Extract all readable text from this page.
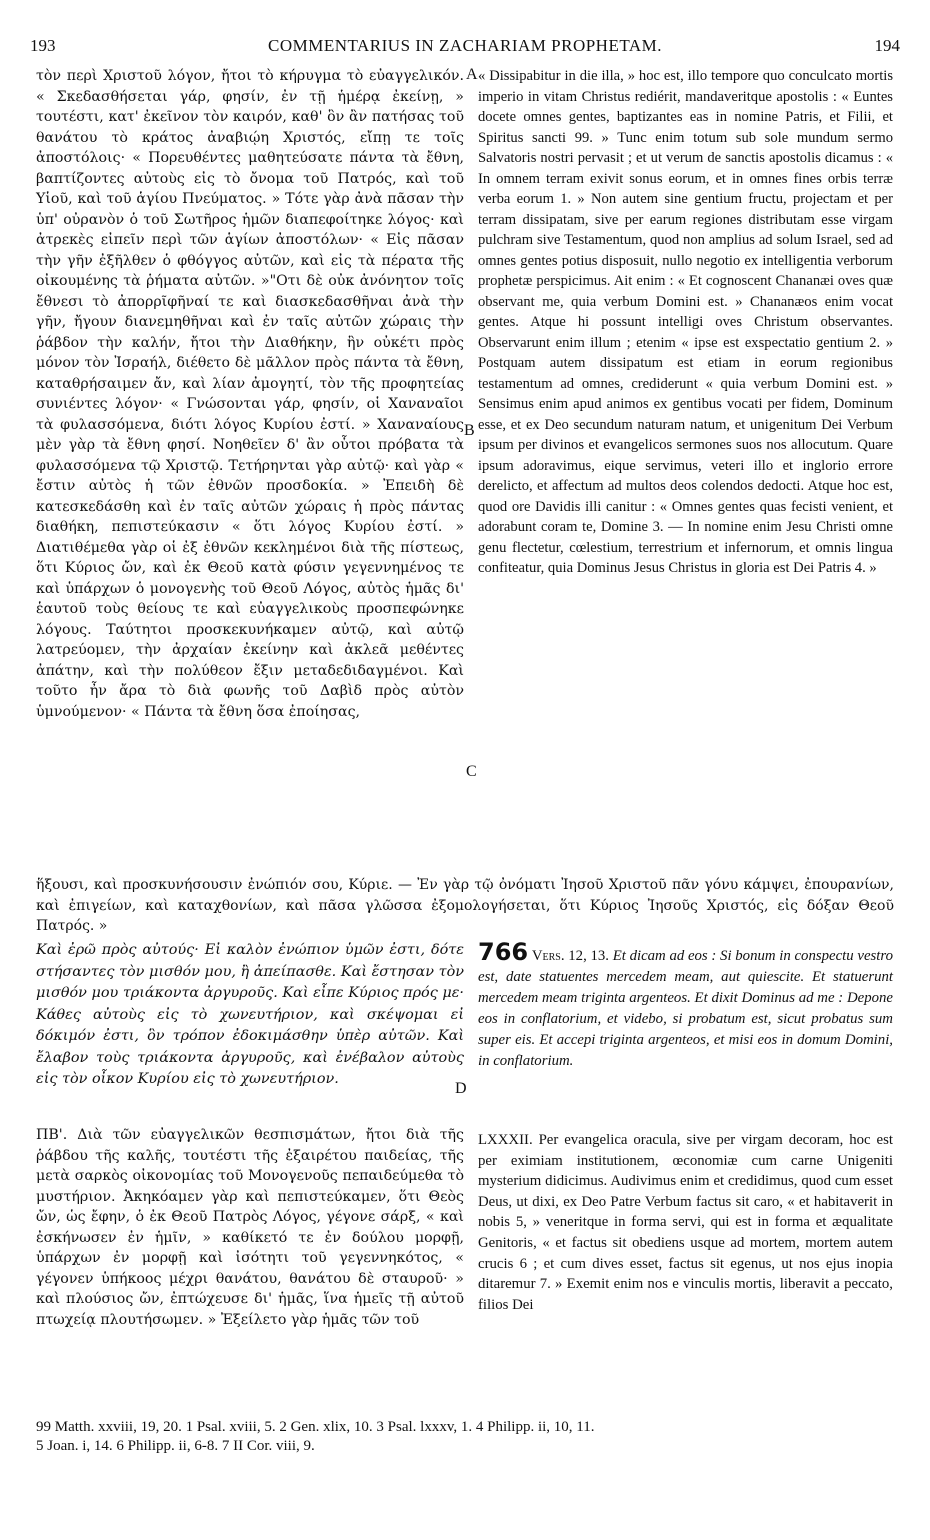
193	COMMENTARIUS IN ZACHARIAM PROPHETAM.	194
τὸν περὶ Χριστοῦ λόγον, ἤτοι τὸ κήρυγμα τὸ εὐαγγελικόν. « Σκεδασθήσεται γάρ, φησίν, ἐν τῇ ἡμέρᾳ ἐκείνῃ, » τουτέστι, κατ' ἐκεῖνον τὸν καιρόν, καθ' ὃν ἂν πατήσας τοῦ θανάτου τὸ κράτος ἀναβιῴη Χριστός, εἴπῃ τε τοῖς ἀποστόλοις· « Πορευθέντες μαθητεύσατε πάντα τὰ ἔθνη, βαπτίζοντες αὐτοὺς εἰς τὸ ὄνομα τοῦ Πατρός, καὶ τοῦ Υἱοῦ, καὶ τοῦ ἁγίου Πνεύματος. » Τότε γὰρ ἀνὰ πᾶσαν τὴν ὑπ' οὐρανὸν ὁ τοῦ Σωτῆρος ἡμῶν διαπεφοίτηκε λόγος· καὶ ἀτρεκὲς εἰπεῖν περὶ τῶν ἁγίων ἀποστόλων· « Εἰς πᾶσαν τὴν γῆν ἐξῆλθεν ὁ φθόγγος αὐτῶν, καὶ εἰς τὰ πέρατα τῆς οἰκουμένης τὰ ῥήματα αὐτῶν. »"Οτι δὲ οὐκ ἀνόνητον τοῖς ἔθνεσι τὸ ἀπορρῖφῆναί τε καὶ διασκεδασθῆναι ἀνὰ τὴν γῆν, ἤγουν διανεμηθῆναι καὶ ἐν ταῖς αὐτῶν χώραις τὴν ῥάβδον τὴν καλήν, ἤτοι τὴν Διαθήκην, ἣν οὐκέτι πρὸς μόνον τὸν Ἰσραήλ, διέθετο δὲ μᾶλλον πρὸς πάντα τὰ ἔθνη, καταθρήσαιμεν ἄν, καὶ λίαν ἀμογητί, τὸν τῆς προφητείας συνιέντες λόγον· « Γνώσονται γάρ, φησίν, οἱ Χαναναῖοι τὰ φυλασσόμενα, διότι λόγος Κυρίου ἐστί. » Χαναναίους μὲν γὰρ τὰ ἔθνη φησί. Νοηθεῖεν δ' ἂν οὗτοι πρόβατα τὰ φυλασσόμενα τῷ Χριστῷ. Τετήρηνται γὰρ αὐτῷ· καὶ γὰρ « ἔστιν αὐτὸς ἡ τῶν ἐθνῶν προσδοκία. » Ἐπειδὴ δὲ κατεσκεδάσθη καὶ ἐν ταῖς αὐτῶν χώραις ἡ πρὸς πάντας διαθήκη, πεπιστεύκασιν « ὅτι λόγος Κυρίου ἐστί. » Διατιθέμεθα γὰρ οἱ ἐξ ἐθνῶν κεκλημένοι διὰ τῆς πίστεως, ὅτι Κύριος ὤν, καὶ ἐκ Θεοῦ κατὰ φύσιν γεγεννημένος τε καὶ ὑπάρχων ὁ μονογενὴς τοῦ Θεοῦ Λόγος, αὐτὸς ἡμᾶς δι' ἑαυτοῦ τοὺς θείους τε καὶ εὐαγγελικοὺς προσπεφώνηκε λόγους. Ταύτητοι προσκεκυνήκαμεν αὐτῷ, καὶ αὐτῷ λατρεύομεν, τὴν ἀρχαίαν ἐκείνην καὶ ἀκλεᾶ μεθέντες ἀπάτην, καὶ τὴν πολύθεον ἔξιν μεταδεδιδαγμένοι. Καὶ τοῦτο ἦν ἄρα τὸ διὰ φωνῆς τοῦ Δαβὶδ πρὸς αὐτὸν ὑμνούμενον· « Πάντα τὰ ἔθνη ὅσα ἐποίησας,
« Dissipabitur in die illa, » hoc est, illo tempore quo conculcato mortis imperio in vitam Christus rediérit, mandaveritque apostolis : « Euntes docete omnes gentes, baptizantes eas in nomine Patris, et Filii, et Spiritus sancti 99. » Tunc enim totum sub sole mundum sermo Salvatoris nostri pervasit ; et ut verum de sanctis apostolis dicamus : « In omnem terram exivit sonus eorum, et in omnes fines orbis terræ verba eorum 1. » Non autem sine gentium fructu, projectam et per terram dissipatam, sive per earum regiones distributam esse virgam pulchram sive Testamentum, quod non amplius ad solum Israel, sed ad omnes gentes potius disposuit, nullo negotio ex intelligentia verborum prophetæ perspicimus. Ait enim : « Et cognoscent Chananæi oves quæ observant me, quia verbum Domini est. » Chananæos enim vocat gentes. Atque hi possunt intelligi oves Christum observantes. Observarunt enim illum ; etenim « ipse est exspectatio gentium 2. » Postquam autem dissipatum est etiam in eorum regionibus testamentum ad omnes, crediderunt « quia verbum Domini est. » Sensimus enim apud animos ex gentibus vocati per fidem, Dominum esse, et ex Deo secundum naturam natum, et unigenitum Dei Verbum ipsum per divinos et evangelicos sermones suos nos allocutum. Quare ipsum adoravimus, eique servimus, veteri illo et inglorio errore derelicto, et affectum ad multos deos colendos dedocti. Atque hoc est, quod ore Davidis illi canitur : « Omnes gentes quas fecisti venient, et adorabunt coram te, Domine 3. — In nomine enim Jesu Christi omne genu flectetur, cœlestium, terrestrium et infernorum, et omnis lingua confiteatur, quia Dominus Jesus Christus in gloria est Dei Patris 4. »
A
B
C
D
ἥξουσι, καὶ προσκυνήσουσιν ἐνώπιόν σου, Κύριε. — Ἐν γὰρ τῷ ὀνόματι Ἰησοῦ Χριστοῦ πᾶν γόνυ κάμψει, ἐπουρανίων, καὶ ἐπιγείων, καὶ καταχθονίων, καὶ πᾶσα γλῶσσα ἐξομολογήσεται, ὅτι Κύριος Ἰησοῦς Χριστός, εἰς δόξαν Θεοῦ Πατρός. »
Καὶ ἐρῶ πρὸς αὐτούς· Εἰ καλὸν ἐνώπιον ὑμῶν ἐστι, δότε στήσαντες τὸν μισθόν μου, ἢ ἀπείπασθε. Καὶ ἔστησαν τὸν μισθόν μου τριάκοντα ἀργυροῦς. Καὶ εἶπε Κύριος πρός με· Κάθες αὐτοὺς εἰς τὸ χωνευτήριον, καὶ σκέψομαι εἰ δόκιμόν ἐστι, ὃν τρόπον ἐδοκιμάσθην ὑπὲρ αὐτῶν. Καὶ ἔλαβον τοὺς τριάκοντα ἀργυροῦς, καὶ ἐνέβαλον αὐτοὺς εἰς τὸν οἶκον Κυρίου εἰς τὸ χωνευτήριον.
766 Vers. 12, 13. Et dicam ad eos : Si bonum in conspectu vestro est, date statuentes mercedem meam, aut quiescite. Et statuerunt mercedem meam triginta argenteos. Et dixit Dominus ad me : Depone eos in conflatorium, et videbo, si probatum est, sicut probatus sum super eis. Et accepi triginta argenteos, et misi eos in domum Domini, in conflatorium.
ΠΒ'. Διὰ τῶν εὐαγγελικῶν θεσπισμάτων, ἤτοι διὰ τῆς ῥάβδου τῆς καλῆς, τουτέστι τῆς ἐξαιρέτου παιδείας, τῆς μετὰ σαρκὸς οἰκονομίας τοῦ Μονογενοῦς πεπαιδεύμεθα τὸ μυστήριον. Ἀκηκόαμεν γὰρ καὶ πεπιστεύκαμεν, ὅτι Θεὸς ὤν, ὡς ἔφην, ὁ ἐκ Θεοῦ Πατρὸς Λόγος, γέγονε σάρξ, « καὶ ἐσκήνωσεν ἐν ἡμῖν, » καθίκετό τε ἐν δούλου μορφῇ, ὑπάρχων ἐν μορφῇ καὶ ἰσότητι τοῦ γεγεννηκότος, « γέγονεν ὑπήκοος μέχρι θανάτου, θανάτου δὲ σταυροῦ· » καὶ πλούσιος ὤν, ἐπτώχευσε δι' ἡμᾶς, ἵνα ἡμεῖς τῇ αὐτοῦ πτωχείᾳ πλουτήσωμεν. » Ἐξείλετο γὰρ ἡμᾶς τῶν τοῦ
LXXXII. Per evangelica oracula, sive per virgam decoram, hoc est per eximiam institutionem, œconomiæ cum carne Unigeniti mysterium didicimus. Audivimus enim et credidimus, quod cum esset Deus, ut dixi, ex Deo Patre Verbum factus sit caro, « et habitaverit in nobis 5, » veneritque in forma servi, qui est in forma et æqualitate Genitoris, « et factus sit obediens usque ad mortem, mortem autem crucis 6 ; et cum dives esset, factus sit egenus, ut nos ejus inopia ditaremur 7. » Exemit enim nos e vinculis mortis, liberavit a peccato, filios Dei

99 Matth. xxviii, 19, 20. 1 Psal. xviii, 5. 2 Gen. xlix, 10. 3 Psal. lxxxv, 1. 4 Philipp. ii, 10, 11.

5 Joan. i, 14. 6 Philipp. ii, 6-8. 7 II Cor. viii, 9.
